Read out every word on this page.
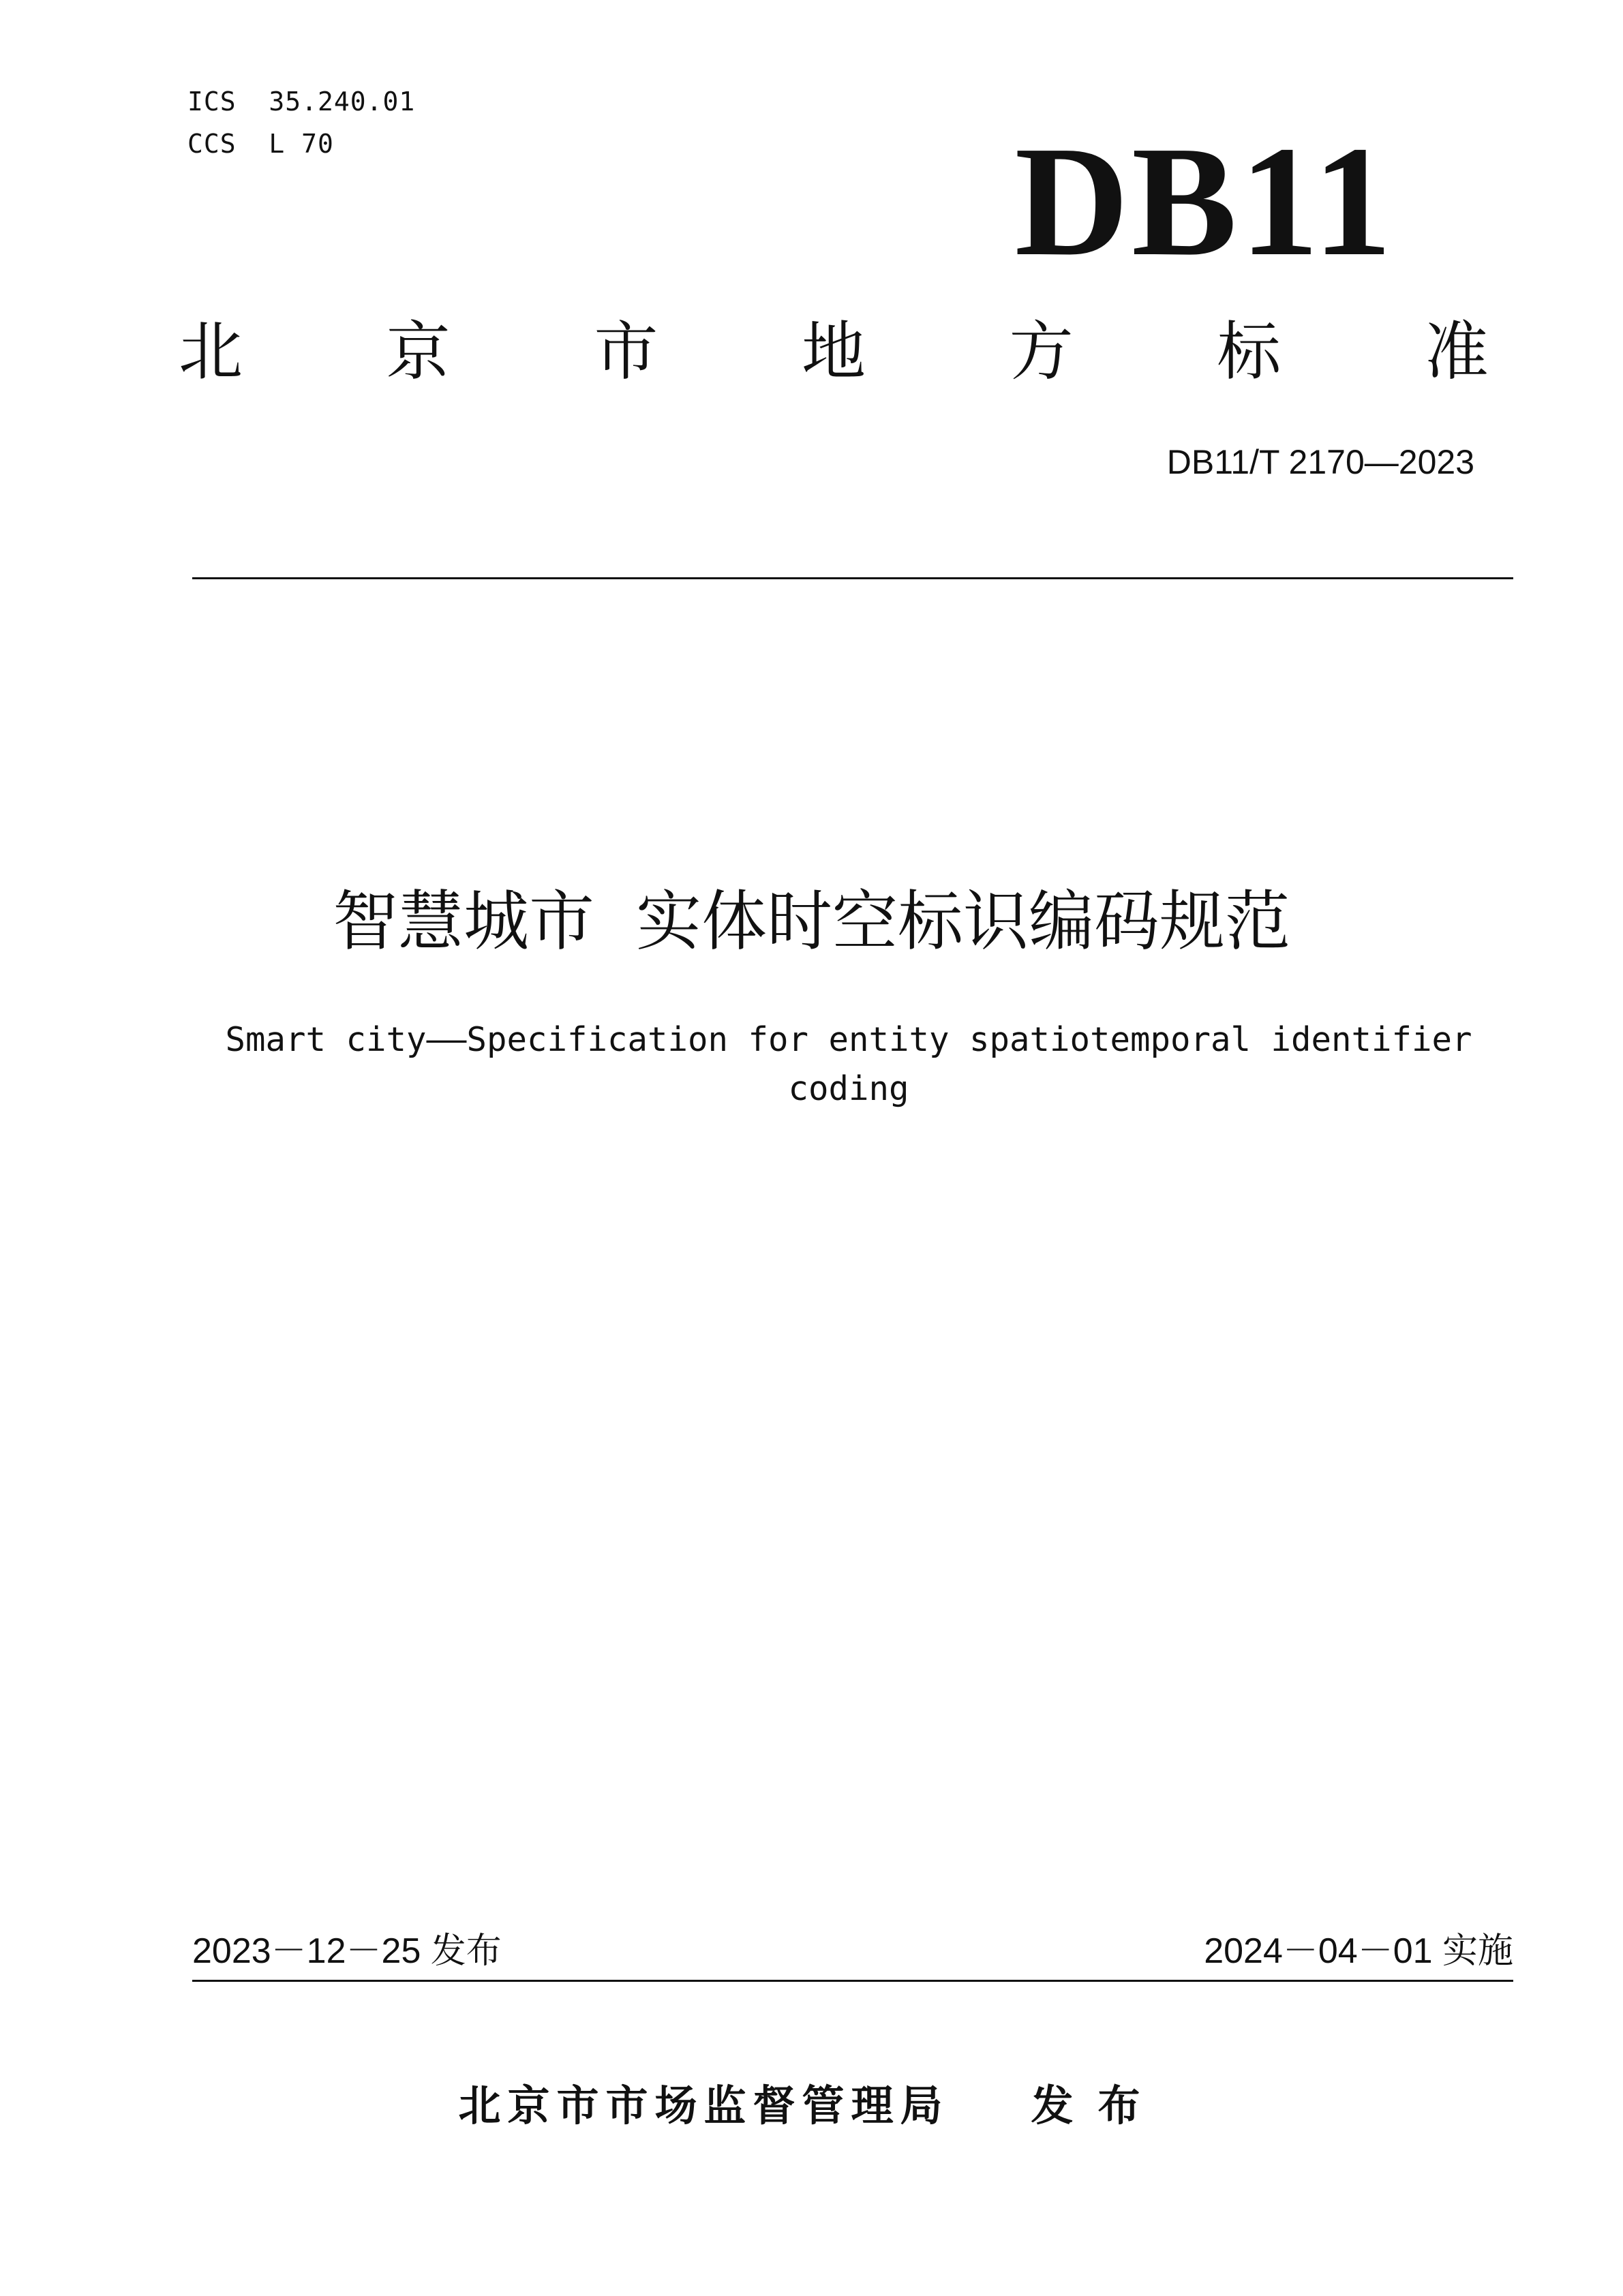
ICS  35.240.01
CCS  L 70	DB11
北 京 市 地 方 标 准
DB11/T 2170—2023
智慧城市  实体时空标识编码规范
Smart city——Specification for entity spatiotemporal identifier coding
2023－12－25 发布	2024－04－01 实施
北京市市场监督管理局 发布
